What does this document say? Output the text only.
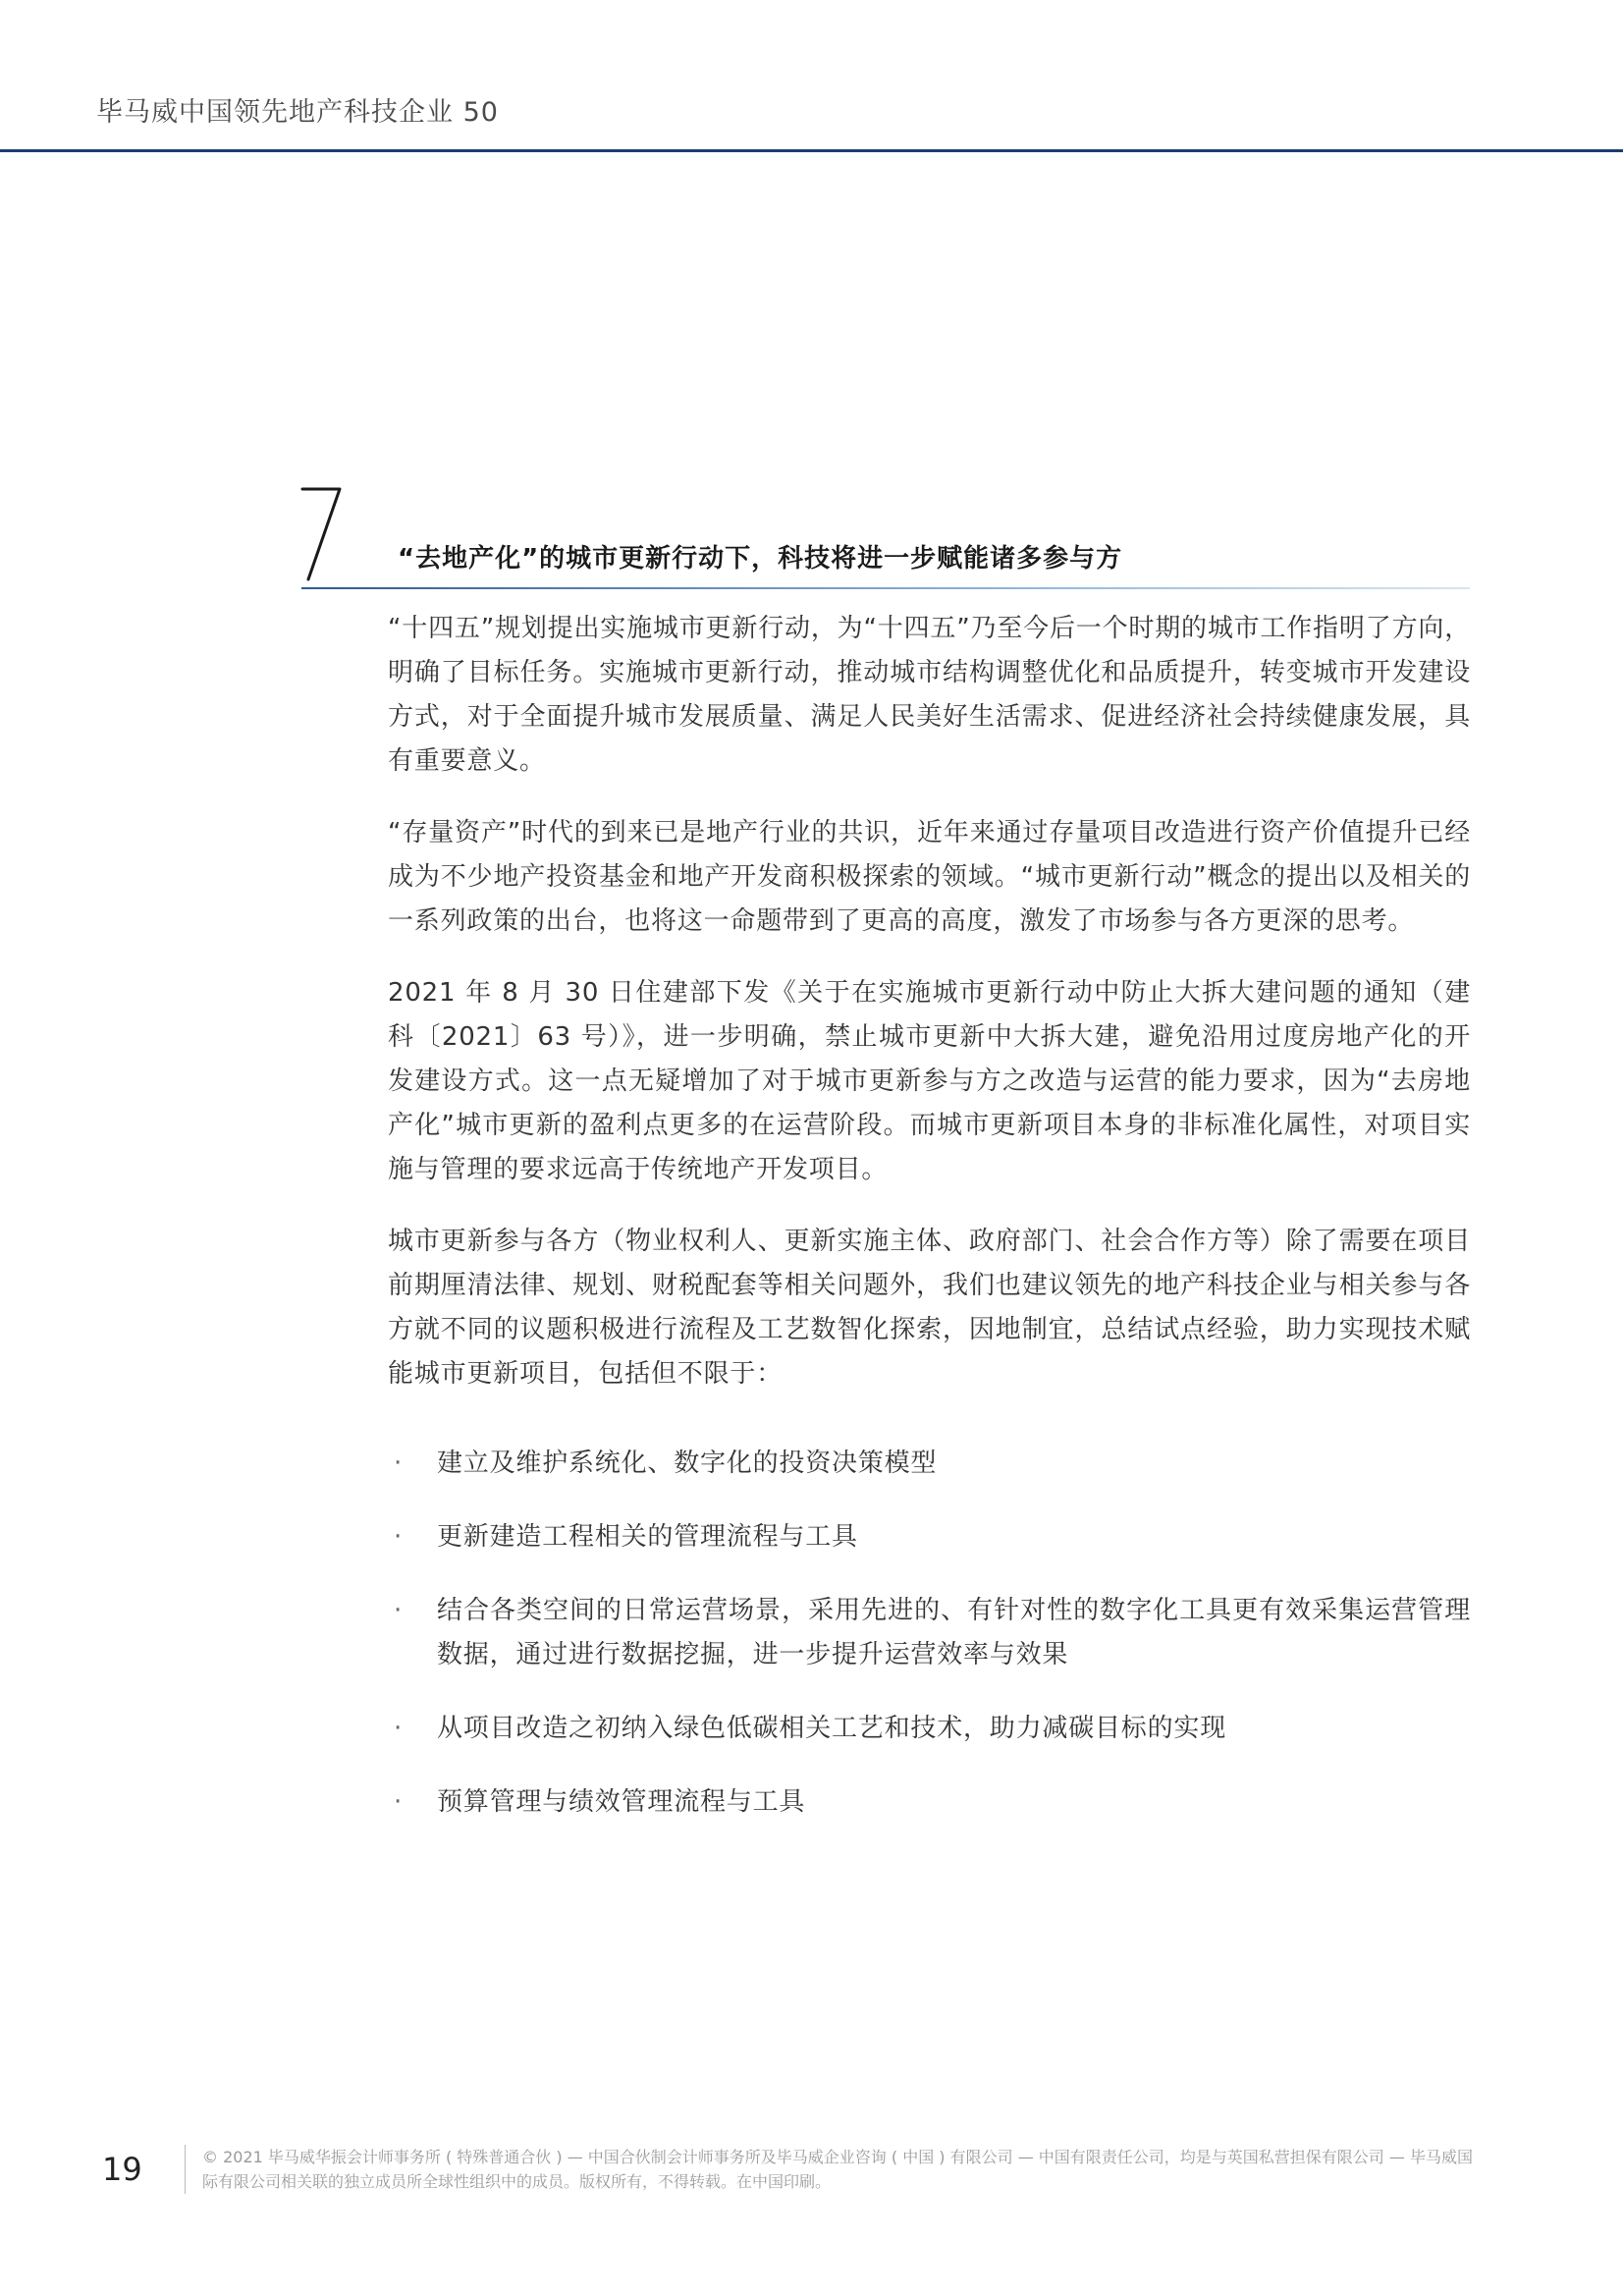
毕马威中国领先地产科技企业 50
“去地产化”的城市更新行动下，科技将进一步赋能诸多参与方

“十四五”规划提出实施城市更新行动，为“十四五”乃至今后一个时期的城市工作指明了方向，明确了目标任务。实施城市更新行动，推动城市结构调整优化和品质提升，转变城市开发建设方式，对于全面提升城市发展质量、满足人民美好生活需求、促进经济社会持续健康发展，具有重要意义。

“存量资产”时代的到来已是地产行业的共识，近年来通过存量项目改造进行资产价值提升已经成为不少地产投资基金和地产开发商积极探索的领域。“城市更新行动”概念的提出以及相关的一系列政策的出台，也将这一命题带到了更高的高度，激发了市场参与各方更深的思考。

2021 年 8 月 30 日住建部下发《关于在实施城市更新行动中防止大拆大建问题的通知（建科〔2021〕63 号）》，进一步明确，禁止城市更新中大拆大建，避免沿用过度房地产化的开发建设方式。这一点无疑增加了对于城市更新参与方之改造与运营的能力要求，因为“去房地产化”城市更新的盈利点更多的在运营阶段。而城市更新项目本身的非标准化属性，对项目实施与管理的要求远高于传统地产开发项目。

城市更新参与各方（物业权利人、更新实施主体、政府部门、社会合作方等）除了需要在项目前期厘清法律、规划、财税配套等相关问题外，我们也建议领先的地产科技企业与相关参与各方就不同的议题积极进行流程及工艺数智化探索，因地制宜，总结试点经验，助力实现技术赋能城市更新项目，包括但不限于：

· 建立及维护系统化、数字化的投资决策模型
· 更新建造工程相关的管理流程与工具
· 结合各类空间的日常运营场景，采用先进的、有针对性的数字化工具更有效采集运营管理数据，通过进行数据挖掘，进一步提升运营效率与效果
· 从项目改造之初纳入绿色低碳相关工艺和技术，助力减碳目标的实现
· 预算管理与绩效管理流程与工具
19	© 2021 毕马威华振会计师事务所 ( 特殊普通合伙 ) — 中国合伙制会计师事务所及毕马威企业咨询 ( 中国 ) 有限公司 — 中国有限责任公司，均是与英国私营担保有限公司 — 毕马威国际有限公司相关联的独立成员所全球性组织中的成员。版权所有，不得转载。在中国印刷。
